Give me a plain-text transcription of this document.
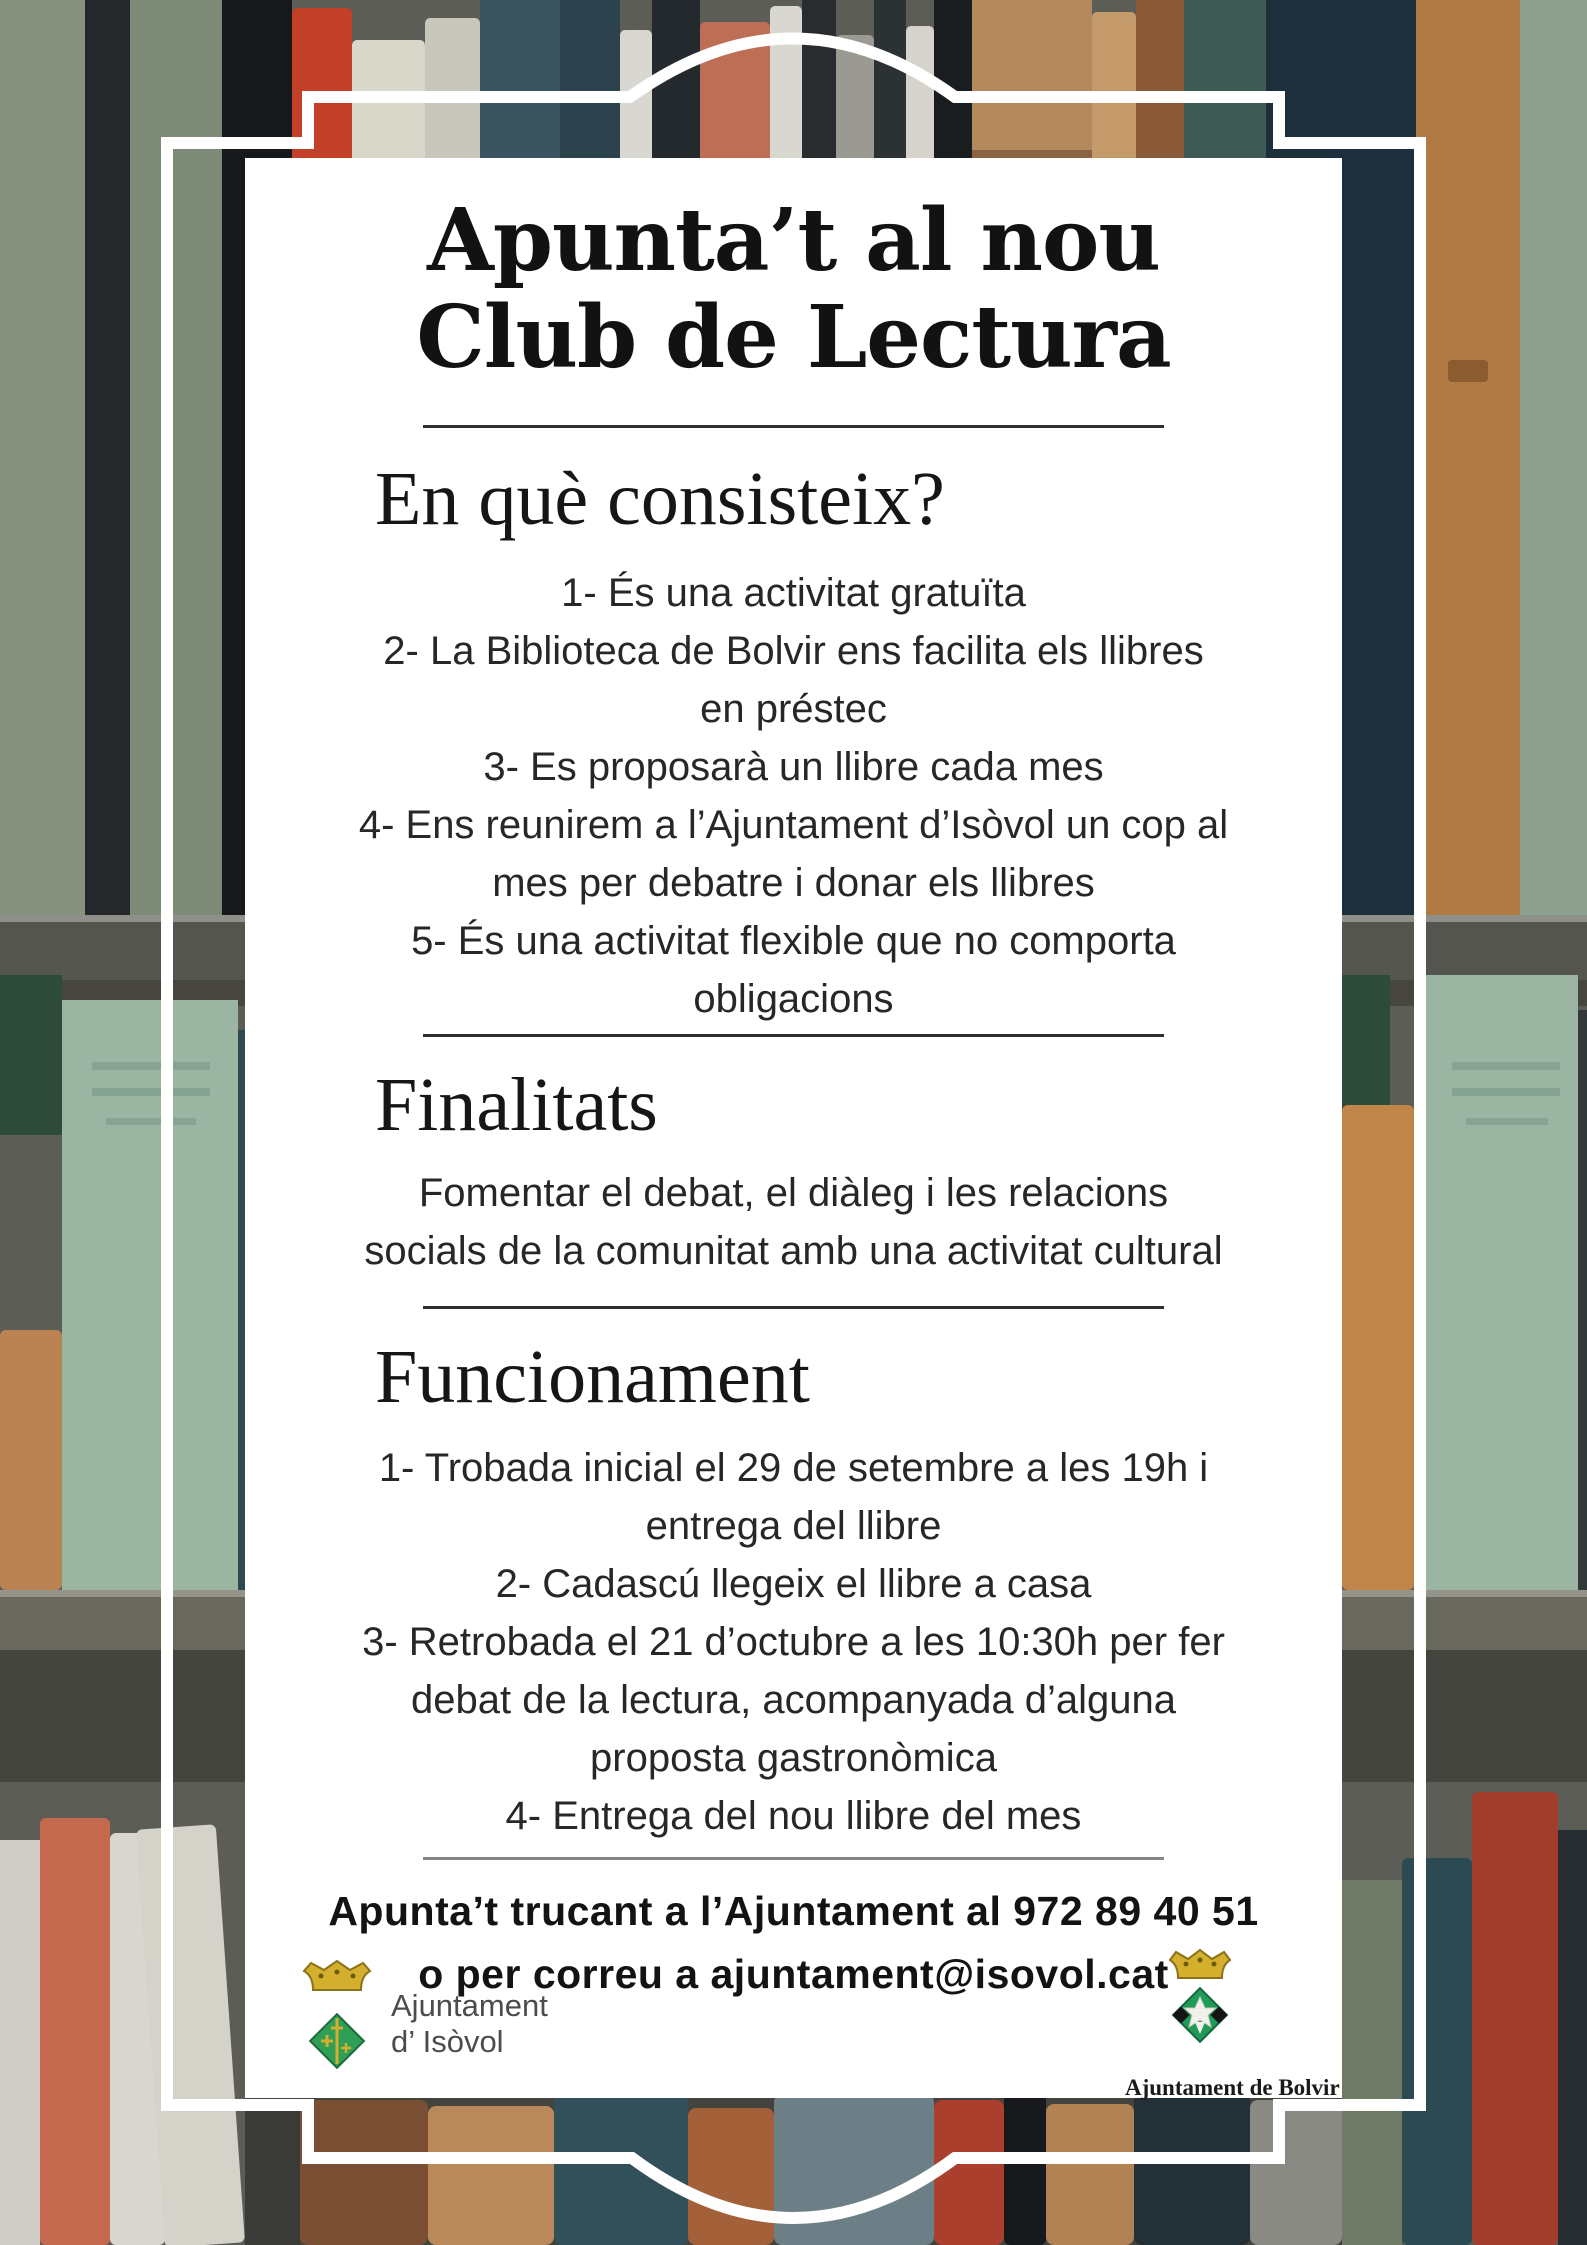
Apunta’t al nou
Club de Lectura
En què consisteix?
1- És una activitat gratuïta
2- La Biblioteca de Bolvir ens facilita els llibres
en préstec
3- Es proposarà un llibre cada mes
4- Ens reunirem a l’Ajuntament d’Isòvol un cop al
mes per debatre i donar els llibres
5- És una activitat flexible que no comporta
obligacions
Finalitats
Fomentar el debat, el diàleg i les relacions
socials de la comunitat amb una activitat cultural
Funcionament
1- Trobada inicial el 29 de setembre a les 19h i
entrega del llibre
2- Cadascú llegeix el llibre a casa
3- Retrobada el 21 d’octubre a les 10:30h per fer
debat de la lectura, acompanyada d’alguna
proposta gastronòmica
4- Entrega del nou llibre del mes
Apunta’t trucant a l’Ajuntament al 972 89 40 51
o per correu a ajuntament@isovol.cat
Ajuntament
d’ Isòvol
Ajuntament de Bolvir
